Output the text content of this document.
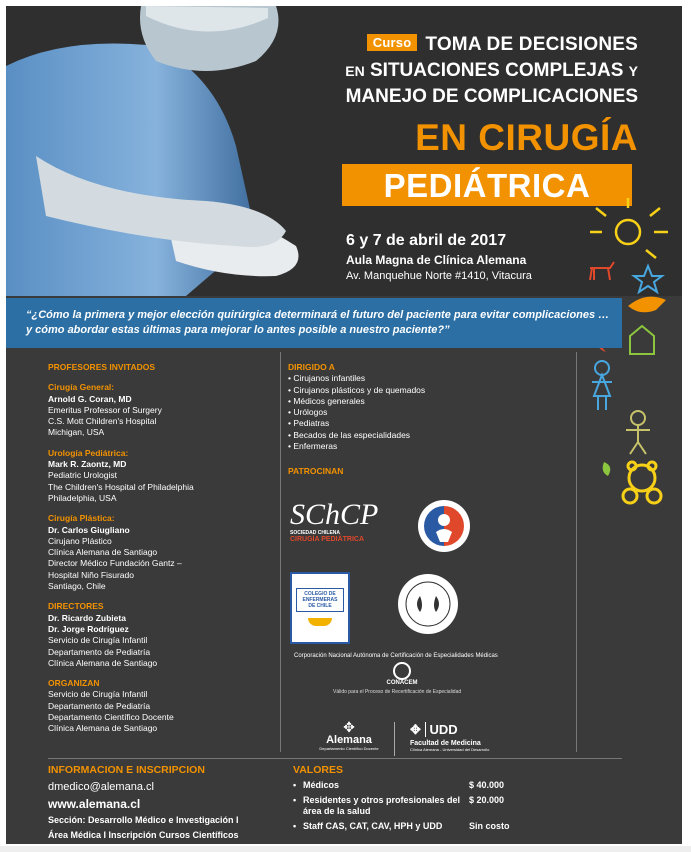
Curso TOMA DE DECISIONES
EN SITUACIONES COMPLEJAS Y
MANEJO DE COMPLICACIONES
EN CIRUGÍA
PEDIÁTRICA
6 y 7 de abril de 2017
Aula Magna de Clínica Alemana
Av. Manquehue Norte #1410, Vitacura
“¿Cómo la primera y mejor elección quirúrgica determinará el futuro del paciente para evitar complicaciones …
y cómo abordar estas últimas para mejorar lo antes posible a nuestro paciente?”
PROFESORES INVITADOS
Cirugía General:
Arnold G. Coran, MD
Emeritus Professor of Surgery
C.S. Mott Children's Hospital
Michigan, USA
Urología Pediátrica:
Mark R. Zaontz, MD
Pediatric Urologist
The Children's Hospital of Philadelphia
Philadelphia, USA
Cirugía Plástica:
Dr. Carlos Giugliano
Cirujano Plástico
Clínica Alemana de Santiago
Director Médico Fundación Gantz –
Hospital Niño Fisurado
Santiago, Chile
DIRECTORES
Dr. Ricardo Zubieta
Dr. Jorge Rodríguez
Servicio de Cirugía Infantil
Departamento de Pediatría
Clínica Alemana de Santiago
ORGANIZAN
Servicio de Cirugía Infantil
Departamento de Pediatría
Departamento Científico Docente
Clínica Alemana de Santiago
DIRIGIDO A
• Cirujanos infantiles
• Cirujanos plásticos y de quemados
• Médicos generales
• Urólogos
• Pediatras
• Becados de las especialidades
• Enfermeras
PATROCINAN
SChCP
SOCIEDAD CHILENA
CIRUGÍA PEDIÁTRICA
COLEGIO DE
ENFERMERAS
DE CHILE
Corporación Nacional Autónoma de Certificación de Especialidades Médicas
CONACEM
Válido para el Proceso de Recertificación de Especialidad
✥
Alemana
Departamento Científico Docente
✥ UDD
Facultad de Medicina
Clínica Alemana - Universidad del Desarrollo
INFORMACION E INSCRIPCION
dmedico@alemana.cl
www.alemana.cl
Sección: Desarrollo Médico e Investigación I
Área Médica I Inscripción Cursos Científicos
VALORES
• Médicos	$ 40.000
• Residentes y otros profesionales del área de la salud$ 20.000
• Staff CAS, CAT, CAV, HPH y UDD	Sin costo
